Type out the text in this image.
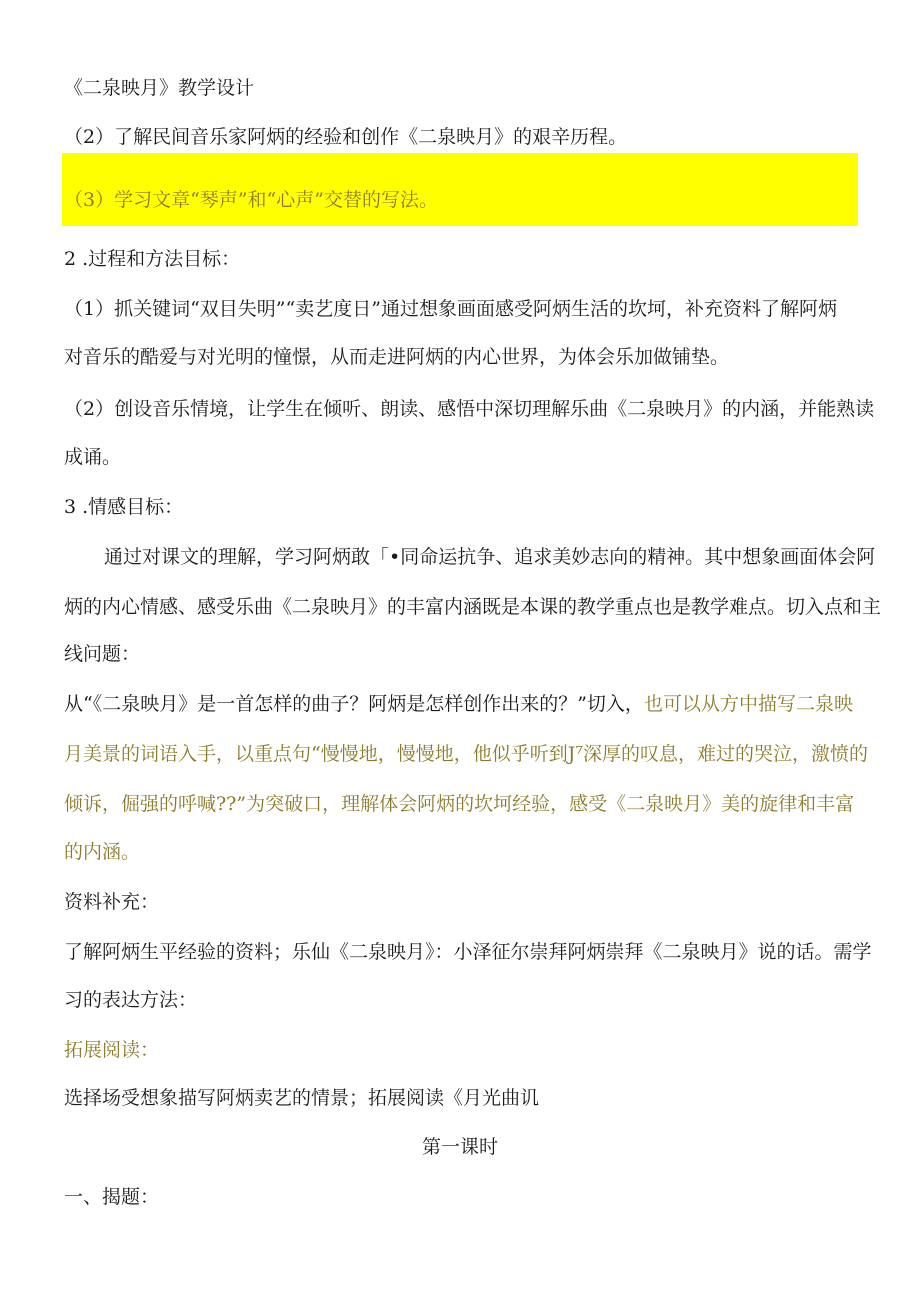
《二泉映月》教学设计
（2）了解民间音乐家阿炳的经验和创作《二泉映月》的艰辛历程。
（3）学习文章“琴声”和“心声”交替的写法。
2 .过程和方法目标：
（1）抓关键词“双目失明”“卖艺度日”通过想象画面感受阿炳生活的坎坷，补充资料了解阿炳
对音乐的酷爱与对光明的憧憬，从而走进阿炳的内心世界，为体会乐加做铺垫。
（2）创设音乐情境，让学生在倾听、朗读、感悟中深切理解乐曲《二泉映月》的内涵，并能熟读
成诵。
3 .情感目标：
通过对课文的理解，学习阿炳敢「•同命运抗争、追求美妙志向的精神。其中想象画面体会阿
炳的内心情感、感受乐曲《二泉映月》的丰富内涵既是本课的教学重点也是教学难点。切入点和主
线问题：
从“《二泉映月》是一首怎样的曲子？阿炳是怎样创作出来的？”切入，也可以从方中描写二泉映
月美景的词语入手，以重点句“慢慢地，慢慢地，他似乎听到J⁷深厚的叹息，难过的哭泣，激愤的
倾诉，倔强的呼喊??”为突破口，理解体会阿炳的坎坷经验，感受《二泉映月》美的旋律和丰富
的内涵。
资料补充：
了解阿炳生平经验的资料；乐仙《二泉映月》：小泽征尔崇拜阿炳崇拜《二泉映月》说的话。需学
习的表达方法：
拓展阅读：
选择场受想象描写阿炳卖艺的情景；拓展阅读《月光曲讥
第一课时
一、揭题：
